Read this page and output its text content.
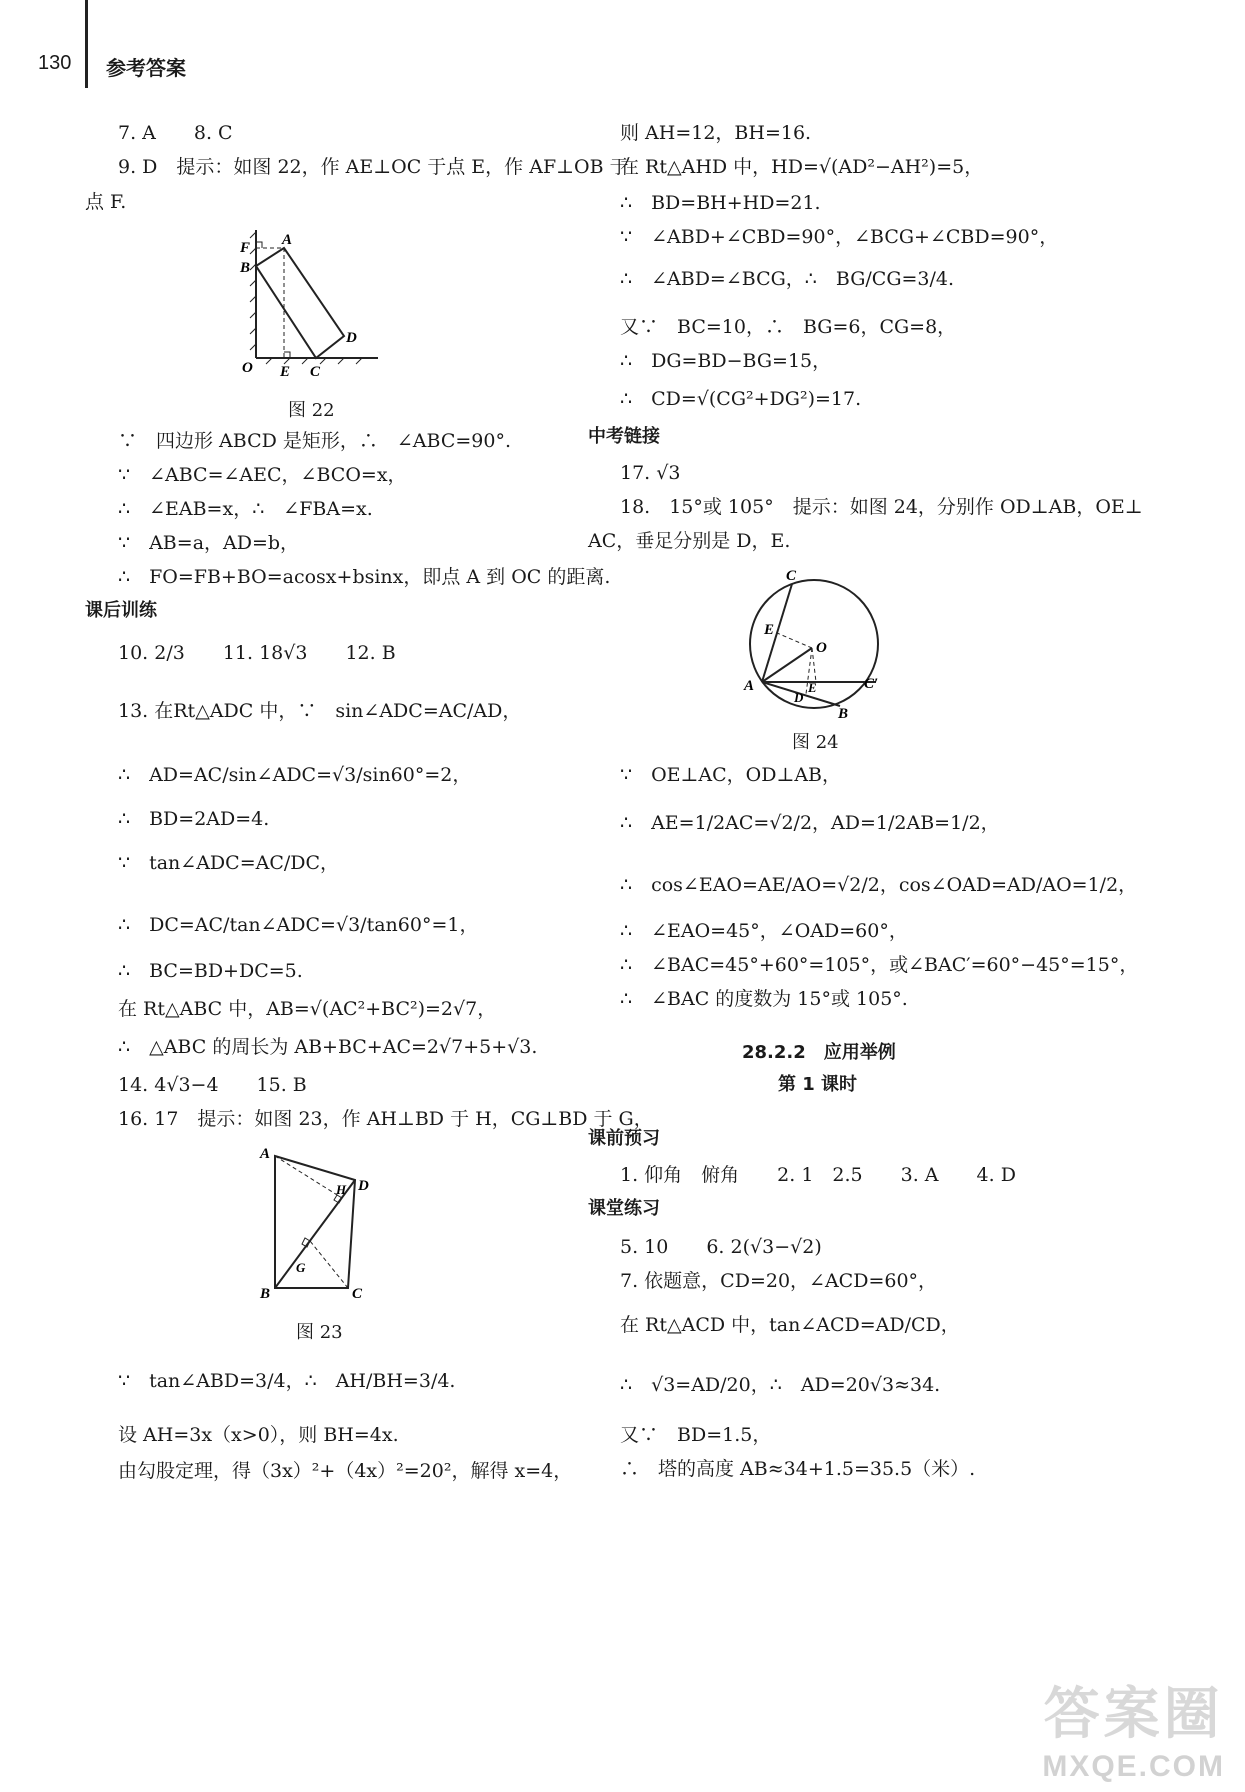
130 参考答案
7. A　　8. C
9. D　提示：如图 22，作 AE⊥OC 于点 E，作 AF⊥OB 于
点 F.
F A
B
D
O E C
图 22
∵　四边形 ABCD 是矩形，∴　∠ABC=90°.
∵　∠ABC=∠AEC，∠BCO=x，
∴　∠EAB=x，∴　∠FBA=x.
∵　AB=a，AD=b，
∴　FO=FB+BO=acosx+bsinx，即点 A 到 OC 的距离.
课后训练
10. 2/3　　11. 18√3　　12. B
13. 在Rt△ADC 中，∵　sin∠ADC=AC/AD，
∴　AD=AC/sin∠ADC=√3/sin60°=2，
∴　BD=2AD=4.
∵　tan∠ADC=AC/DC，
∴　DC=AC/tan∠ADC=√3/tan60°=1，
∴　BC=BD+DC=5.
在 Rt△ABC 中，AB=√(AC²+BC²)=2√7，
∴　△ABC 的周长为 AB+BC+AC=2√7+5+√3.
14. 4√3−4　　15. B
16. 17　提示：如图 23，作 AH⊥BD 于 H，CG⊥BD 于 G，
A
D
H
G
B	C
图 23
∵　tan∠ABD=3/4，∴　AH/BH=3/4.
设 AH=3x（x>0），则 BH=4x.
由勾股定理，得（3x）²+（4x）²=20²，解得 x=4，
则 AH=12，BH=16.
在 Rt△AHD 中，HD=√(AD²−AH²)=5，
∴　BD=BH+HD=21.
∵　∠ABD+∠CBD=90°，∠BCG+∠CBD=90°，
∴　∠ABD=∠BCG，∴　BG/CG=3/4.
又∵　BC=10，∴　BG=6，CG=8，
∴　DG=BD−BG=15，
∴　CD=√(CG²+DG²)=17.
中考链接
17. √3
18.　15°或 105°　提示：如图 24，分别作 OD⊥AB，OE⊥
AC，垂足分别是 D，E.
C
E
O
A
D
E	C′
B
图 24
∵　OE⊥AC，OD⊥AB，
∴　AE=1/2AC=√2/2，AD=1/2AB=1/2，
∴　cos∠EAO=AE/AO=√2/2，cos∠OAD=AD/AO=1/2，
∴　∠EAO=45°，∠OAD=60°，
∴　∠BAC=45°+60°=105°，或∠BAC′=60°−45°=15°，
∴　∠BAC 的度数为 15°或 105°.
28.2.2　应用举例
第 1 课时
课前预习
1. 仰角　俯角　　2. 1　2.5　　3. A　　4. D
课堂练习
5. 10　　6. 2(√3−√2)
7. 依题意，CD=20，∠ACD=60°，
在 Rt△ACD 中，tan∠ACD=AD/CD，
∴　√3=AD/20，∴　AD=20√3≈34.
又∵　BD=1.5，
∴　塔的高度 AB≈34+1.5=35.5（米）.
答案圈
MXQE.COM
